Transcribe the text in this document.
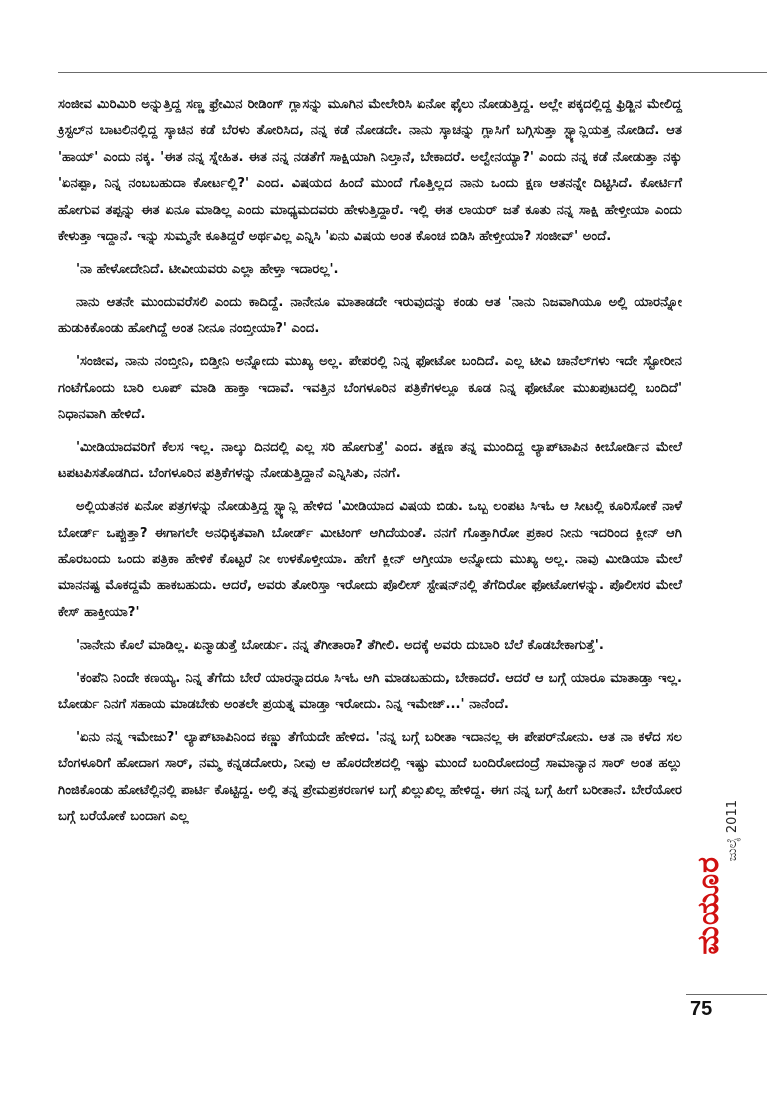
ಸಂಜೀವ ಮಿರಿಮಿರಿ ಅನ್ನುತ್ತಿದ್ದ ಸಣ್ಣ ಫ್ರೇಮಿನ ರೀಡಿಂಗ್ ಗ್ಲಾಸನ್ನು ಮೂಗಿನ ಮೇಲೇರಿಸಿ ಏನೋ ಫೈಲು ನೋಡುತ್ತಿದ್ದ. ಅಲ್ಲೇ ಪಕ್ಕದಲ್ಲಿದ್ದ ಫ್ರಿಡ್ಜಿನ ಮೇಲಿದ್ದ ಕ್ರಿಸ್ಟಲ್‌ನ ಬಾಟಲಿನಲ್ಲಿದ್ದ ಸ್ಕಾಚಿನ ಕಡೆ ಬೆರಳು ತೋರಿಸಿದ, ನನ್ನ ಕಡೆ ನೋಡದೇ. ನಾನು ಸ್ಕಾಚನ್ನು ಗ್ಲಾಸಿಗೆ ಬಗ್ಗಿಸುತ್ತಾ ಸ್ಟ್ಯಾನ್ಲಿಯತ್ತ ನೋಡಿದೆ. ಆತ 'ಹಾಯ್' ಎಂದು ನಕ್ಕ. 'ಈತ ನನ್ನ ಸ್ನೇಹಿತ. ಈತ ನನ್ನ ನಡತೆಗೆ ಸಾಕ್ಷಿಯಾಗಿ ನಿಲ್ತಾನೆ, ಬೇಕಾದರೆ. ಅಲ್ವೇನಯ್ಯಾ?' ಎಂದು ನನ್ನ ಕಡೆ ನೋಡುತ್ತಾ ನಕ್ಕು 'ಏನಪ್ಪಾ, ನಿನ್ನ ನಂಬಬಹುದಾ ಕೋರ್ಟಲ್ಲಿ?' ಎಂದ. ವಿಷಯದ ಹಿಂದೆ ಮುಂದೆ ಗೊತ್ತಿಲ್ಲದ ನಾನು ಒಂದು ಕ್ಷಣ ಆತನನ್ನೇ ದಿಟ್ಟಿಸಿದೆ. ಕೋರ್ಟಿಗೆ ಹೋಗುವ ತಪ್ಪನ್ನು ಈತ ಏನೂ ಮಾಡಿಲ್ಲ ಎಂದು ಮಾಧ್ಯಮದವರು ಹೇಳುತ್ತಿದ್ದಾರೆ. ಇಲ್ಲಿ ಈತ ಲಾಯರ್ ಜತೆ ಕೂತು ನನ್ನ ಸಾಕ್ಷಿ ಹೇಳ್ತೀಯಾ ಎಂದು ಕೇಳುತ್ತಾ ಇದ್ದಾನೆ. ಇನ್ನು ಸುಮ್ಮನೇ ಕೂತಿದ್ದರೆ ಅರ್ಥವಿಲ್ಲ ಎನ್ನಿಸಿ 'ಏನು ವಿಷಯ ಅಂತ ಕೊಂಚ ಬಿಡಿಸಿ ಹೇಳ್ತೀಯಾ? ಸಂಜೀವ್' ಅಂದೆ.

'ನಾ ಹೇಳೋದೇನಿದೆ. ಟೀವೀಯವರು ಎಲ್ಲಾ ಹೇಳ್ತಾ ಇದಾರಲ್ಲ'.

ನಾನು ಆತನೇ ಮುಂದುವರೆಸಲಿ ಎಂದು ಕಾದಿದ್ದೆ. ನಾನೇನೂ ಮಾತಾಡದೇ ಇರುವುದನ್ನು ಕಂಡು ಆತ 'ನಾನು ನಿಜವಾಗಿಯೂ ಅಲ್ಲಿ ಯಾರನ್ನೋ ಹುಡುಕಿಕೊಂಡು ಹೋಗಿದ್ದೆ ಅಂತ ನೀನೂ ನಂಬ್ತೀಯಾ?' ಎಂದ.

'ಸಂಜೀವ, ನಾನು ನಂಬ್ತೀನಿ, ಬಿಡ್ತೀನಿ ಅನ್ನೋದು ಮುಖ್ಯ ಅಲ್ಲ. ಪೇಪರಲ್ಲಿ ನಿನ್ನ ಫೋಟೋ ಬಂದಿದೆ. ಎಲ್ಲ ಟೀವಿ ಚಾನೆಲ್‌ಗಳು ಇದೇ ಸ್ಟೋರೀನ ಗಂಟೆಗೊಂದು ಬಾರಿ ಲೂಪ್ ಮಾಡಿ ಹಾಕ್ತಾ ಇದಾವೆ. ಇವತ್ತಿನ ಬೆಂಗಳೂರಿನ ಪತ್ರಿಕೆಗಳಲ್ಲೂ ಕೂಡ ನಿನ್ನ ಫೋಟೋ ಮುಖಪುಟದಲ್ಲಿ ಬಂದಿದೆ' ನಿಧಾನವಾಗಿ ಹೇಳಿದೆ.

'ಮೀಡಿಯಾದವರಿಗೆ ಕೆಲಸ ಇಲ್ಲ. ನಾಲ್ಕು ದಿನದಲ್ಲಿ ಎಲ್ಲ ಸರಿ ಹೋಗುತ್ತೆ' ಎಂದ. ತಕ್ಷಣ ತನ್ನ ಮುಂದಿದ್ದ ಲ್ಯಾಪ್‌ಟಾಪಿನ ಕೀಬೋರ್ಡಿನ ಮೇಲೆ ಟಪಟಪಿಸತೊಡಗಿದ. ಬೆಂಗಳೂರಿನ ಪತ್ರಿಕೆಗಳನ್ನು ನೋಡುತ್ತಿದ್ದಾನೆ ಎನ್ನಿಸಿತು, ನನಗೆ.

ಅಲ್ಲಿಯತನಕ ಏನೋ ಪತ್ರಗಳನ್ನು ನೋಡುತ್ತಿದ್ದ ಸ್ಟ್ಯಾನ್ಲಿ ಹೇಳಿದ 'ಮೀಡಿಯಾದ ವಿಷಯ ಬಿಡು. ಒಬ್ಬ ಲಂಪಟ ಸಿಇಓ ಆ ಸೀಟಲ್ಲಿ ಕೂರಿಸೋಕೆ ನಾಳೆ ಬೋರ್ಡ್ ಒಪ್ಪುತ್ತಾ? ಈಗಾಗಲೇ ಅನಧಿಕೃತವಾಗಿ ಬೋರ್ಡ್ ಮೀಟಿಂಗ್ ಆಗಿದೆಯಂತೆ. ನನಗೆ ಗೊತ್ತಾಗಿರೋ ಪ್ರಕಾರ ನೀನು ಇದರಿಂದ ಕ್ಲೀನ್ ಆಗಿ ಹೊರಬಂದು ಒಂದು ಪತ್ರಿಕಾ ಹೇಳಿಕೆ ಕೊಟ್ಟರೆ ನೀ ಉಳಕೊಳ್ತೀಯಾ. ಹೇಗೆ ಕ್ಲೀನ್ ಆಗ್ತೀಯಾ ಅನ್ನೋದು ಮುಖ್ಯ ಅಲ್ಲ. ನಾವು ಮೀಡಿಯಾ ಮೇಲೆ ಮಾನನಷ್ಟ ಮೊಕದ್ದಮೆ ಹಾಕಬಹುದು. ಆದರೆ, ಅವರು ತೋರಿಸ್ತಾ ಇರೋದು ಪೊಲೀಸ್ ಸ್ಟೇಷನ್‌ನಲ್ಲಿ ತೆಗೆದಿರೋ ಫೋಟೋಗಳನ್ನು. ಪೊಲೀಸರ ಮೇಲೆ ಕೇಸ್ ಹಾಕ್ತೀಯಾ?'

'ನಾನೇನು ಕೊಲೆ ಮಾಡಿಲ್ಲ. ಏನ್ಮಾಡುತ್ತೆ ಬೋರ್ಡು. ನನ್ನ ತೆಗೀತಾರಾ? ತೆಗೀಲಿ. ಅದಕ್ಕೆ ಅವರು ದುಬಾರಿ ಬೆಲೆ ಕೊಡಬೇಕಾಗುತ್ತೆ'.

'ಕಂಪೆನಿ ನಿಂದೇ ಕಣಯ್ಯ. ನಿನ್ನ ತೆಗೆದು ಬೇರೆ ಯಾರನ್ನಾದರೂ ಸಿಇಓ ಆಗಿ ಮಾಡಬಹುದು, ಬೇಕಾದರೆ. ಆದರೆ ಆ ಬಗ್ಗೆ ಯಾರೂ ಮಾತಾಡ್ತಾ ಇಲ್ಲ. ಬೋರ್ಡು ನಿನಗೆ ಸಹಾಯ ಮಾಡಬೇಕು ಅಂತಲೇ ಪ್ರಯತ್ನ ಮಾಡ್ತಾ ಇರೋದು. ನಿನ್ನ ಇಮೇಜ್...' ನಾನೆಂದೆ.

'ಏನು ನನ್ನ ಇಮೇಜು?' ಲ್ಯಾಪ್‌ಟಾಪಿನಿಂದ ಕಣ್ಣು ತೆಗೆಯದೇ ಹೇಳಿದ. 'ನನ್ನ ಬಗ್ಗೆ ಬರೀತಾ ಇದಾನಲ್ಲ ಈ ಪೇಪರ್‌ನೋನು. ಆತ ನಾ ಕಳೆದ ಸಲ ಬೆಂಗಳೂರಿಗೆ ಹೋದಾಗ ಸಾರ್, ನಮ್ಮ ಕನ್ನಡದೋರು, ನೀವು ಆ ಹೊರದೇಶದಲ್ಲಿ ಇಷ್ಟು ಮುಂದೆ ಬಂದಿರೋದಂದ್ರೆ ಸಾಮಾನ್ಯಾನ ಸಾರ್ ಅಂತ ಹಲ್ಲು ಗಿಂಜಿಕೊಂಡು ಹೋಟೆಲ್ಲಿನಲ್ಲಿ ಪಾರ್ಟಿ ಕೊಟ್ಟಿದ್ದ. ಅಲ್ಲಿ ತನ್ನ ಪ್ರೇಮಪ್ರಕರಣಗಳ ಬಗ್ಗೆ ಖಿಲ್ಲುಖಿಲ್ಲ ಹೇಳಿದ್ದ. ಈಗ ನನ್ನ ಬಗ್ಗೆ ಹೀಗೆ ಬರೀತಾನೆ. ಬೇರೆಯೋರ ಬಗ್ಗೆ ಬರೆಯೋಕೆ ಬಂದಾಗ ಎಲ್ಲ	ಜುಲೈ 2011
ಮಯೂರ
75
